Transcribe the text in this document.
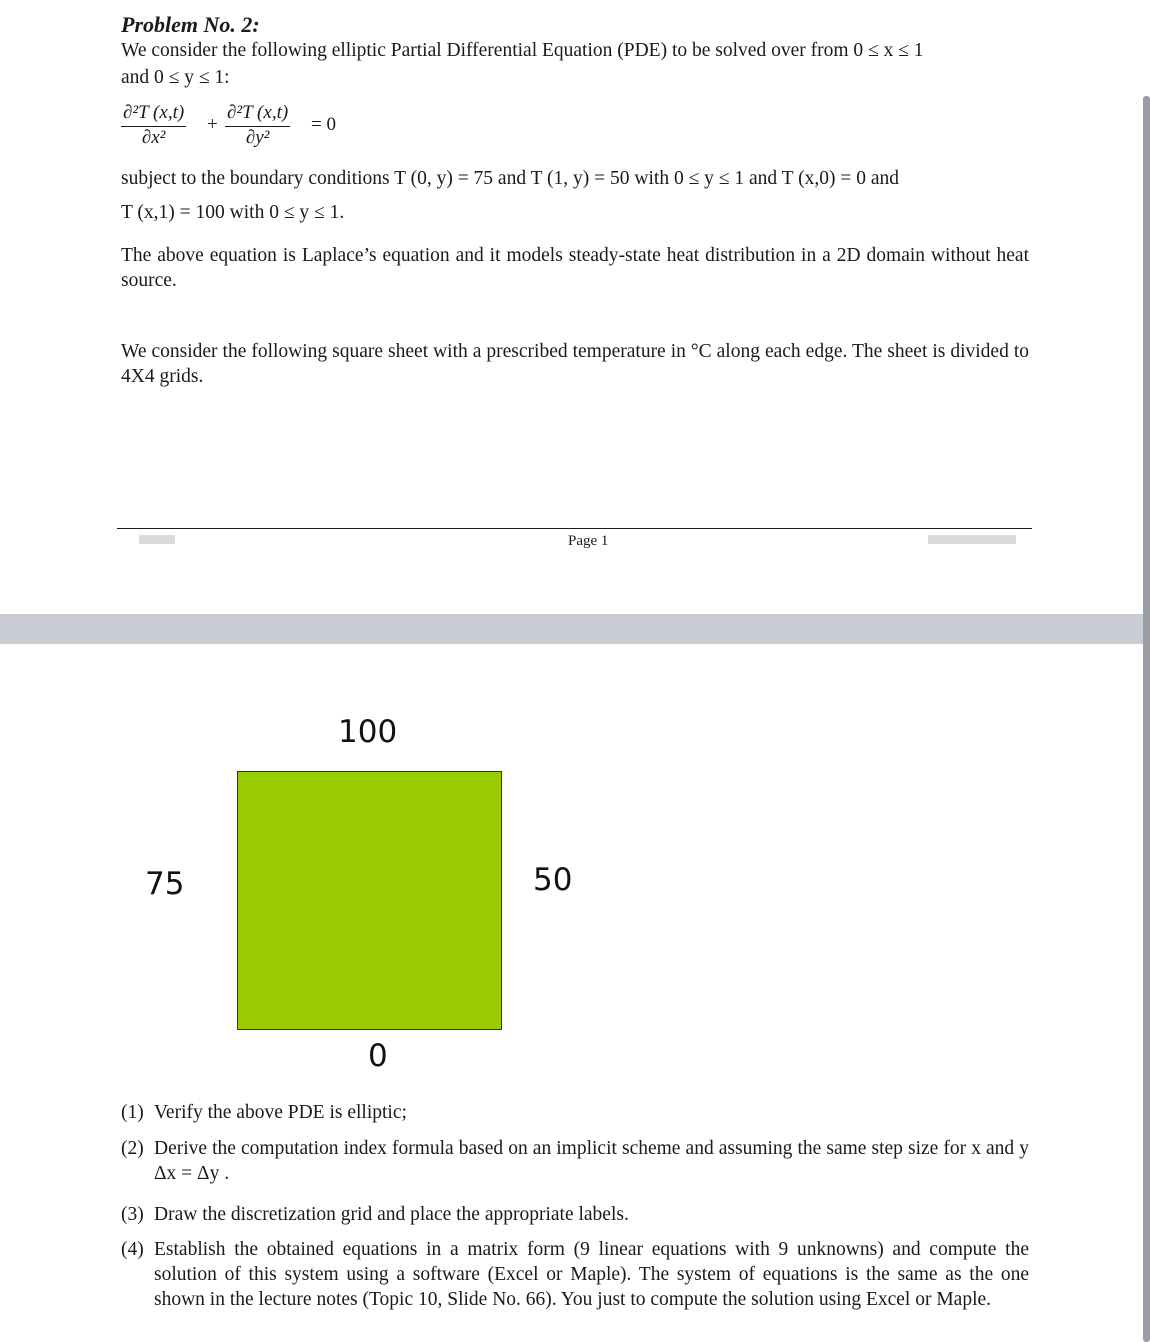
Problem No. 2:
We consider the following elliptic Partial Differential Equation (PDE) to be solved over from 0 ≤ x ≤ 1
and 0 ≤ y ≤ 1:
$\frac{\text{∂²T (x,t)}}{\text{∂x²}} + \frac{\text{∂²T (x,t)}}{\text{∂y²}} = 0$
subject to the boundary conditions T (0, y) = 75 and T (1, y) = 50 with 0 ≤ y ≤ 1 and T (x,0) = 0 and
T (x,1) = 100 with 0 ≤ y ≤ 1.
The above equation is Laplace’s equation and it models steady-state heat distribution in a 2D domain without heat source.
We consider the following square sheet with a prescribed temperature in °C along each edge. The sheet is divided to 4X4 grids.
Page 1
100
75	50
0
(1) Verify the above PDE is elliptic;
(2) Derive the computation index formula based on an implicit scheme and assuming the same step size for x and y Δx = Δy .
(3) Draw the discretization grid and place the appropriate labels.
(4) Establish the obtained equations in a matrix form (9 linear equations with 9 unknowns) and compute the solution of this system using a software (Excel or Maple). The system of equations is the same as the one shown in the lecture notes (Topic 10, Slide No. 66). You just to compute the solution using Excel or Maple.
